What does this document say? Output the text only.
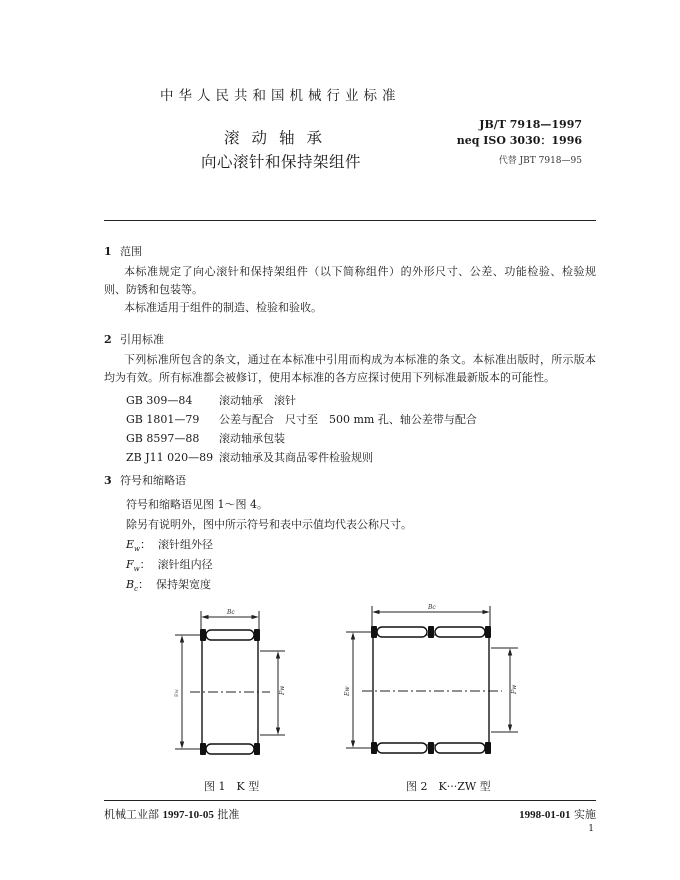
中华人民共和国机械行业标准
JB/T 7918—1997
neq ISO 3030：1996
代替 JBT 7918—95
滚动轴承
向心滚针和保持架组件
1 范围
本标准规定了向心滚针和保持架组件（以下简称组件）的外形尺寸、公差、功能检验、检验规则、防锈和包装等。
本标准适用于组件的制造、检验和验收。
2 引用标准
下列标准所包含的条文，通过在本标准中引用而构成为本标准的条文。本标准出版时，所示版本均为有效。所有标准都会被修订，使用本标准的各方应探讨使用下列标准最新版本的可能性。
GB 309—84 滚动轴承　滚针
GB 1801—79 公差与配合　尺寸至　500 mm 孔、轴公差带与配合
GB 8597—88 滚动轴承包装
ZB J11 020—89 滚动轴承及其商品零件检验规则
3 符号和缩略语
符号和缩略语见图 1～图 4。
除另有说明外，图中所示符号和表中示值均代表公称尺寸。
$E_w$：  滚针组外径
$F_w$：  滚针组内径
$B_c$：  保持架宽度
Bc
Ew	Fw
图 1　K 型
Bc
Ew	Fw
图 2　K···ZW 型
机械工业部 1997-10-05 批准	1998-01-01 实施
1
